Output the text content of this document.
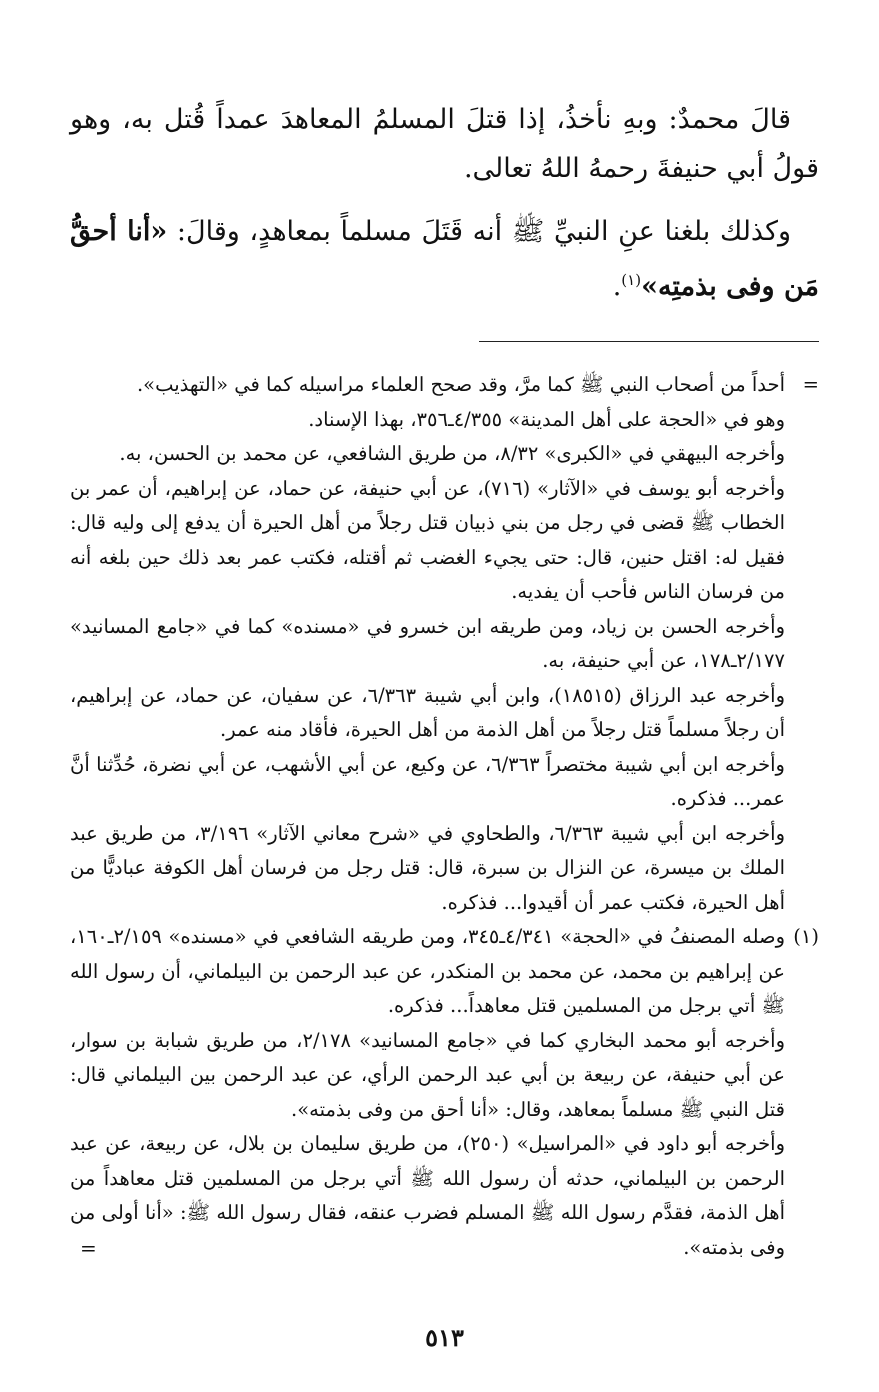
قالَ محمدٌ: وبهِ نأخذُ، إذا قتلَ المسلمُ المعاهدَ عمداً قُتل به، وهو قولُ أبي حنيفةَ رحمهُ اللهُ تعالى.

وكذلك بلغنا عنِ النبيِّ ﷺ أنه قَتَلَ مسلماً بمعاهدٍ، وقالَ: «أنا أحقُّ مَن وفى بذمتِه»$^{(١)}$.

=
أحداً من أصحاب النبي ﷺ كما مرَّ، وقد صحح العلماء مراسيله كما في «التهذيب».

وهو في «الحجة على أهل المدينة» ٤/٣٥٥ـ٣٥٦، بهذا الإسناد.

وأخرجه البيهقي في «الكبرى» ٨/٣٢، من طريق الشافعي، عن محمد بن الحسن، به.

وأخرجه أبو يوسف في «الآثار» (٧١٦)، عن أبي حنيفة، عن حماد، عن إبراهيم، أن عمر بن الخطاب ﷺ قضى في رجل من بني ذبيان قتل رجلاً من أهل الحيرة أن يدفع إلى وليه قال: فقيل له: اقتل حنين، قال: حتى يجيء الغضب ثم أقتله، فكتب عمر بعد ذلك حين بلغه أنه من فرسان الناس فأحب أن يفديه.

وأخرجه الحسن بن زياد، ومن طريقه ابن خسرو في «مسنده» كما في «جامع المسانيد» ٢/١٧٧ـ١٧٨، عن أبي حنيفة، به.

وأخرجه عبد الرزاق (١٨٥١٥)، وابن أبي شيبة ٦/٣٦٣، عن سفيان، عن حماد، عن إبراهيم، أن رجلاً مسلماً قتل رجلاً من أهل الذمة من أهل الحيرة، فأقاد منه عمر.

وأخرجه ابن أبي شيبة مختصراً ٦/٣٦٣، عن وكيع، عن أبي الأشهب، عن أبي نضرة، حُدِّثنا أنَّ عمر... فذكره.

وأخرجه ابن أبي شيبة ٦/٣٦٣، والطحاوي في «شرح معاني الآثار» ٣/١٩٦، من طريق عبد الملك بن ميسرة، عن النزال بن سبرة، قال: قتل رجل من فرسان أهل الكوفة عباديًّا من أهل الحيرة، فكتب عمر أن أقيدوا... فذكره.

(١)
وصله المصنفُ في «الحجة» ٤/٣٤١ـ٣٤٥، ومن طريقه الشافعي في «مسنده» ٢/١٥٩ـ١٦٠، عن إبراهيم بن محمد، عن محمد بن المنكدر، عن عبد الرحمن بن البيلماني، أن رسول الله ﷺ أتي برجل من المسلمين قتل معاهداً... فذكره.

وأخرجه أبو محمد البخاري كما في «جامع المسانيد» ٢/١٧٨، من طريق شبابة بن سوار، عن أبي حنيفة، عن ربيعة بن أبي عبد الرحمن الرأي، عن عبد الرحمن بين البيلماني قال: قتل النبي ﷺ مسلماً بمعاهد، وقال: «أنا أحق من وفى بذمته».

وأخرجه أبو داود في «المراسيل» (٢٥٠)، من طريق سليمان بن بلال، عن ربيعة، عن عبد الرحمن بن البيلماني، حدثه أن رسول الله ﷺ أتي برجل من المسلمين قتل معاهداً من أهل الذمة، فقدَّم رسول الله ﷺ المسلم فضرب عنقه، فقال رسول الله ﷺ: «أنا أولى من وفى بذمته».

=
٥١٣
